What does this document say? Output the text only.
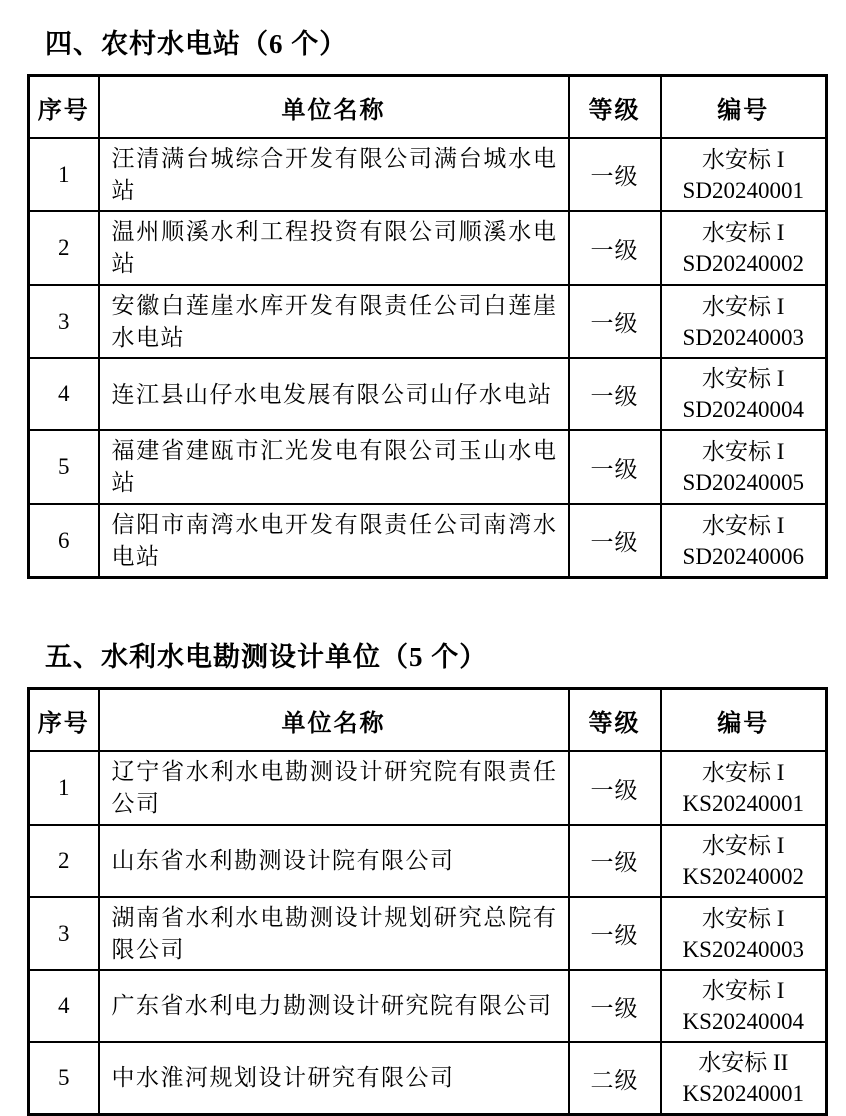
四、农村水电站（6 个）
序号	单位名称	等级	编号
1	汪清满台城综合开发有限公司满台城水电站	一级	水安标 I
SD20240001

2	温州顺溪水利工程投资有限公司顺溪水电站	一级	水安标 I
SD20240002

3	安徽白莲崖水库开发有限责任公司白莲崖水电站	一级	水安标 I
SD20240003

4	连江县山仔水电发展有限公司山仔水电站	一级	水安标 I
SD20240004

5	福建省建瓯市汇光发电有限公司玉山水电站	一级	水安标 I
SD20240005

6	信阳市南湾水电开发有限责任公司南湾水电站	一级	水安标 I
SD20240006
五、水利水电勘测设计单位（5 个）
序号	单位名称	等级	编号
1	辽宁省水利水电勘测设计研究院有限责任公司	一级	水安标 I
KS20240001

2	山东省水利勘测设计院有限公司	一级	水安标 I
KS20240002

3	湖南省水利水电勘测设计规划研究总院有限公司	一级	水安标 I
KS20240003

4	广东省水利电力勘测设计研究院有限公司	一级	水安标 I
KS20240004

5	中水淮河规划设计研究有限公司	二级	水安标 II
KS20240001
